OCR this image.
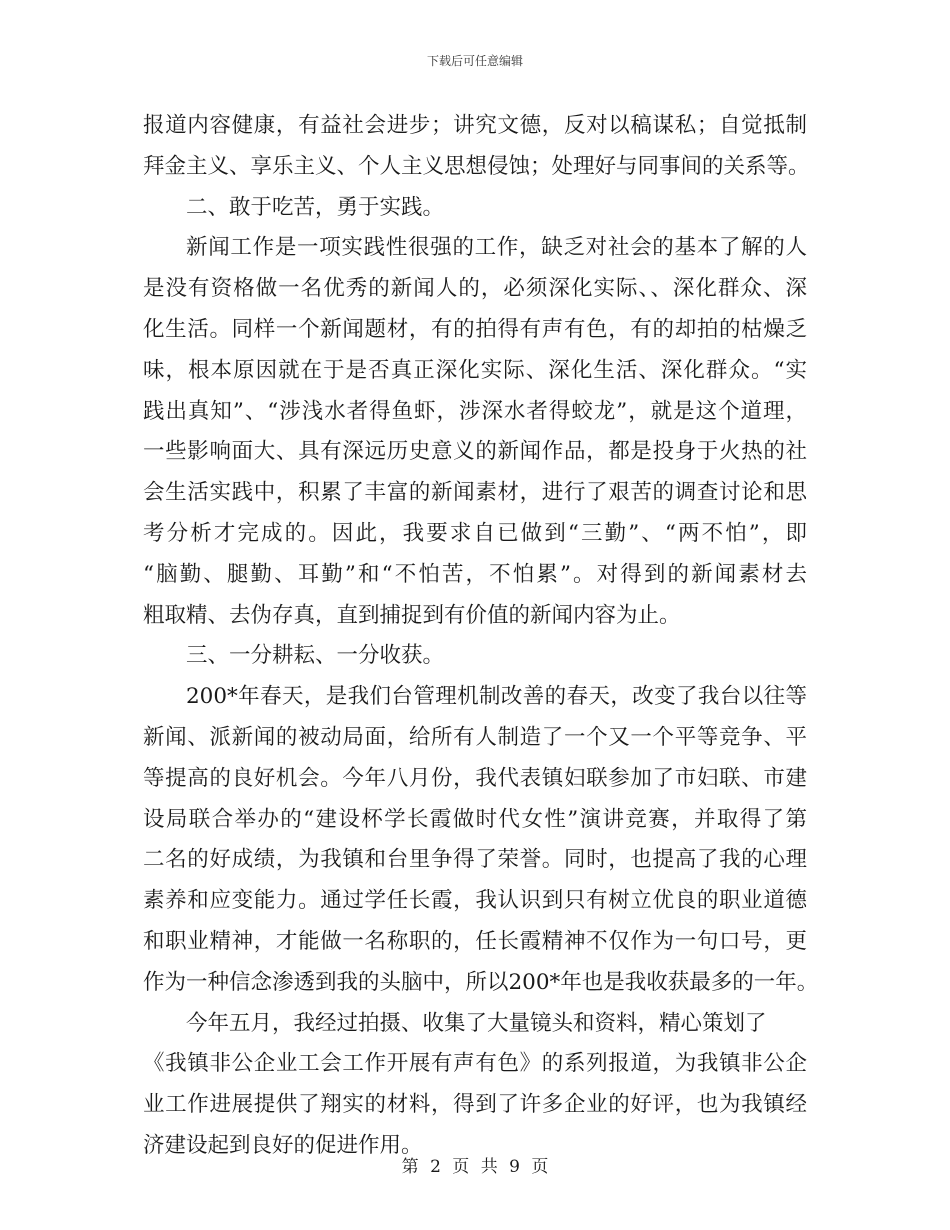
下载后可任意编辑
报道内容健康，有益社会进步；讲究文德，反对以稿谋私；自觉抵制
拜金主义、享乐主义、个人主义思想侵蚀；处理好与同事间的关系等。
二、敢于吃苦，勇于实践。
新闻工作是一项实践性很强的工作，缺乏对社会的基本了解的人
是没有资格做一名优秀的新闻人的，必须深化实际、、深化群众、深
化生活。同样一个新闻题材，有的拍得有声有色，有的却拍的枯燥乏
味，根本原因就在于是否真正深化实际、深化生活、深化群众。“实
践出真知”、“涉浅水者得鱼虾，涉深水者得蛟龙”，就是这个道理，
一些影响面大、具有深远历史意义的新闻作品，都是投身于火热的社
会生活实践中，积累了丰富的新闻素材，进行了艰苦的调查讨论和思
考分析才完成的。因此，我要求自已做到“三勤”、“两不怕”，即
“脑勤、腿勤、耳勤”和“不怕苦，不怕累”。对得到的新闻素材去
粗取精、去伪存真，直到捕捉到有价值的新闻内容为止。
三、一分耕耘、一分收获。
200*年春天，是我们台管理机制改善的春天，改变了我台以往等
新闻、派新闻的被动局面，给所有人制造了一个又一个平等竞争、平
等提高的良好机会。今年八月份，我代表镇妇联参加了市妇联、市建
设局联合举办的“建设杯学长霞做时代女性”演讲竞赛，并取得了第
二名的好成绩，为我镇和台里争得了荣誉。同时，也提高了我的心理
素养和应变能力。通过学任长霞，我认识到只有树立优良的职业道德
和职业精神，才能做一名称职的，任长霞精神不仅作为一句口号，更
作为一种信念渗透到我的头脑中，所以200*年也是我收获最多的一年。
今年五月，我经过拍摄、收集了大量镜头和资料，精心策划了
《我镇非公企业工会工作开展有声有色》的系列报道，为我镇非公企
业工作进展提供了翔实的材料，得到了许多企业的好评，也为我镇经
济建设起到良好的促进作用。
第 2 页 共 9 页
